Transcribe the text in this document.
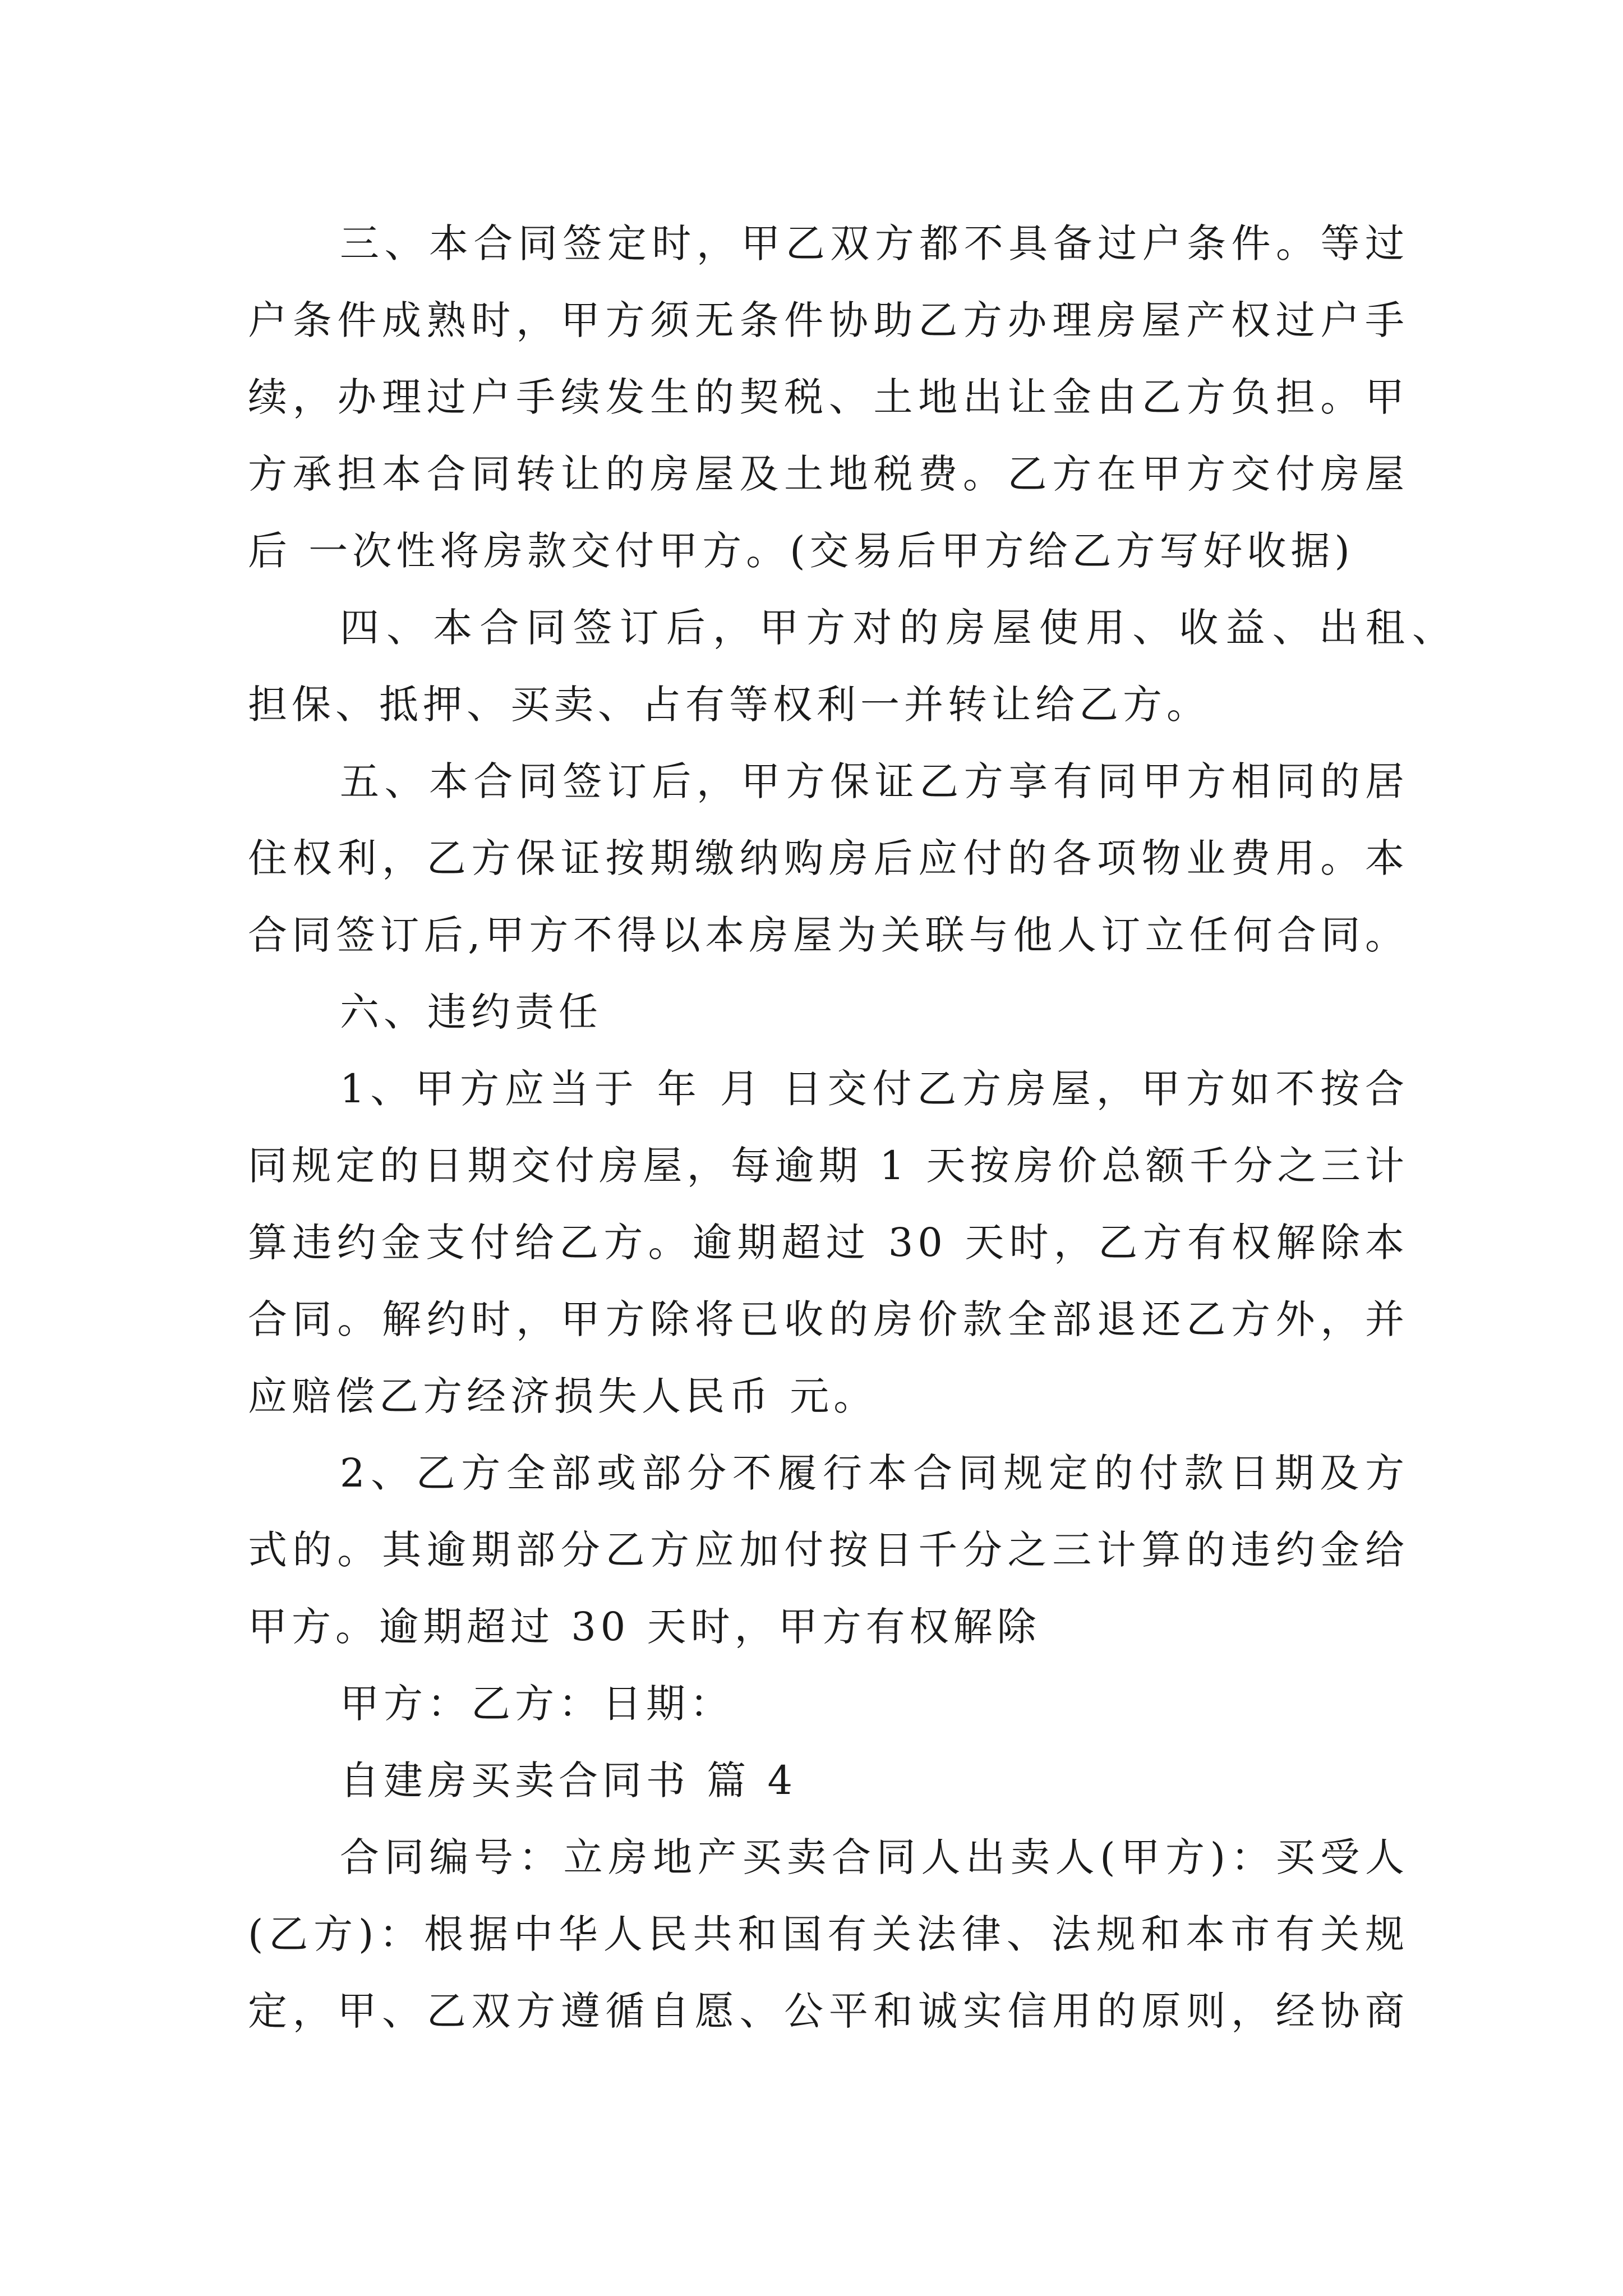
三、本合同签定时，甲乙双方都不具备过户条件。等过

户条件成熟时，甲方须无条件协助乙方办理房屋产权过户手

续，办理过户手续发生的契税、土地出让金由乙方负担。甲

方承担本合同转让的房屋及土地税费。乙方在甲方交付房屋

后 一次性将房款交付甲方。(交易后甲方给乙方写好收据)

四、本合同签订后，甲方对的房屋使用、收益、出租、

担保、抵押、买卖、占有等权利一并转让给乙方。

五、本合同签订后，甲方保证乙方享有同甲方相同的居

住权利，乙方保证按期缴纳购房后应付的各项物业费用。本

合同签订后,甲方不得以本房屋为关联与他人订立任何合同。

六、违约责任

1、甲方应当于 年 月 日交付乙方房屋，甲方如不按合

同规定的日期交付房屋，每逾期 1 天按房价总额千分之三计

算违约金支付给乙方。逾期超过 30 天时，乙方有权解除本

合同。解约时，甲方除将已收的房价款全部退还乙方外，并

应赔偿乙方经济损失人民币 元。

2、乙方全部或部分不履行本合同规定的付款日期及方

式的。其逾期部分乙方应加付按日千分之三计算的违约金给

甲方。逾期超过 30 天时，甲方有权解除

甲方：乙方：日期：

自建房买卖合同书 篇 4

合同编号：立房地产买卖合同人出卖人(甲方)：买受人

(乙方)：根据中华人民共和国有关法律、法规和本市有关规

定，甲、乙双方遵循自愿、公平和诚实信用的原则，经协商
